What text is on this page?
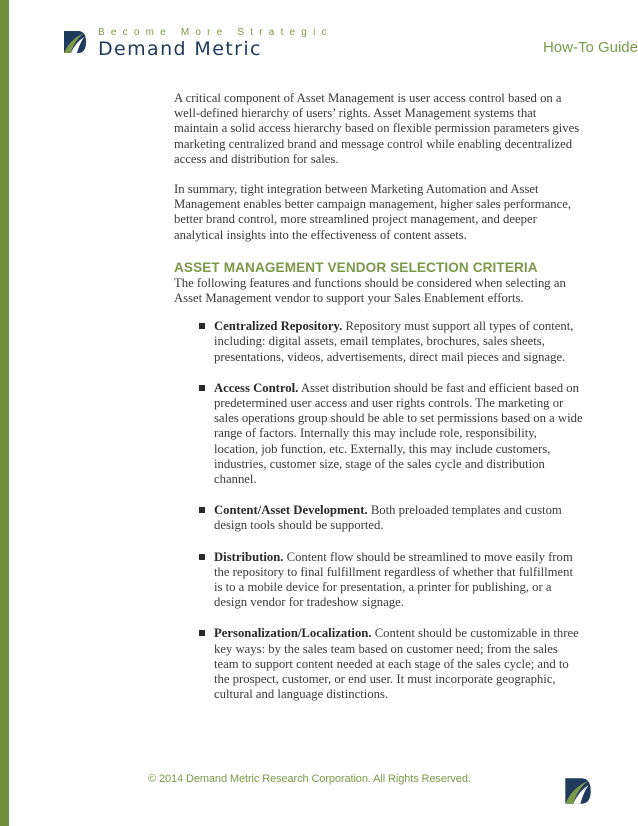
Become More Strategic
Demand Metric	How-To Guide

A critical component of Asset Management is user access control based on a well-defined hierarchy of users’ rights. Asset Management systems that maintain a solid access hierarchy based on flexible permission parameters gives marketing centralized brand and message control while enabling decentralized access and distribution for sales.

In summary, tight integration between Marketing Automation and Asset Management enables better campaign management, higher sales performance, better brand control, more streamlined project management, and deeper analytical insights into the effectiveness of content assets.

ASSET MANAGEMENT VENDOR SELECTION CRITERIA

The following features and functions should be considered when selecting an Asset Management vendor to support your Sales Enablement efforts.

Centralized Repository. Repository must support all types of content, including: digital assets, email templates, brochures, sales sheets, presentations, videos, advertisements, direct mail pieces and signage.
Access Control. Asset distribution should be fast and efficient based on predetermined user access and user rights controls. The marketing or sales operations group should be able to set permissions based on a wide range of factors. Internally this may include role, responsibility, location, job function, etc. Externally, this may include customers, industries, customer size, stage of the sales cycle and distribution channel.
Content/Asset Development. Both preloaded templates and custom design tools should be supported.
Distribution. Content flow should be streamlined to move easily from the repository to final fulfillment regardless of whether that fulfillment is to a mobile device for presentation, a printer for publishing, or a design vendor for tradeshow signage.
Personalization/Localization. Content should be customizable in three key ways: by the sales team based on customer need; from the sales team to support content needed at each stage of the sales cycle; and to the prospect, customer, or end user. It must incorporate geographic, cultural and language distinctions.
© 2014 Demand Metric Research Corporation. All Rights Reserved.
